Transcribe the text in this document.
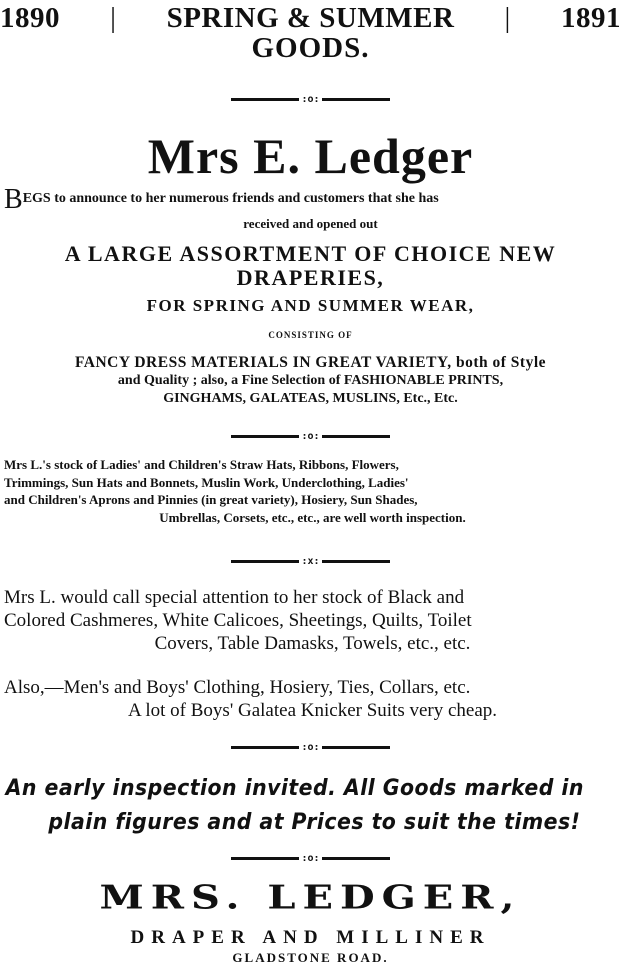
1890 | SPRING & SUMMER | 1891
GOODS.
:o:
Mrs E. Ledger
BEGS to announce to her numerous friends and customers that she has
received and opened out
A LARGE ASSORTMENT OF CHOICE NEW
DRAPERIES,
FOR SPRING AND SUMMER WEAR,
CONSISTING OF
FANCY DRESS MATERIALS IN GREAT VARIETY, both of Style
and Quality ; also, a Fine Selection of FASHIONABLE PRINTS,
GINGHAMS, GALATEAS, MUSLINS, Etc., Etc.
:o:
Mrs L.'s stock of Ladies' and Children's Straw Hats, Ribbons, Flowers,
Trimmings, Sun Hats and Bonnets, Muslin Work, Underclothing, Ladies'
and Children's Aprons and Pinnies (in great variety), Hosiery, Sun Shades,
Umbrellas, Corsets, etc., etc., are well worth inspection.
:x:
Mrs L. would call special attention to her stock of Black and
Colored Cashmeres, White Calicoes, Sheetings, Quilts, Toilet
Covers, Table Damasks, Towels, etc., etc.
Also,—Men's and Boys' Clothing, Hosiery, Ties, Collars, etc.
A lot of Boys' Galatea Knicker Suits very cheap.
:o:
An early inspection invited. All Goods marked in
plain figures and at Prices to suit the times!
:o:
MRS. LEDGER,
DRAPER AND MILLINER
GLADSTONE ROAD.
